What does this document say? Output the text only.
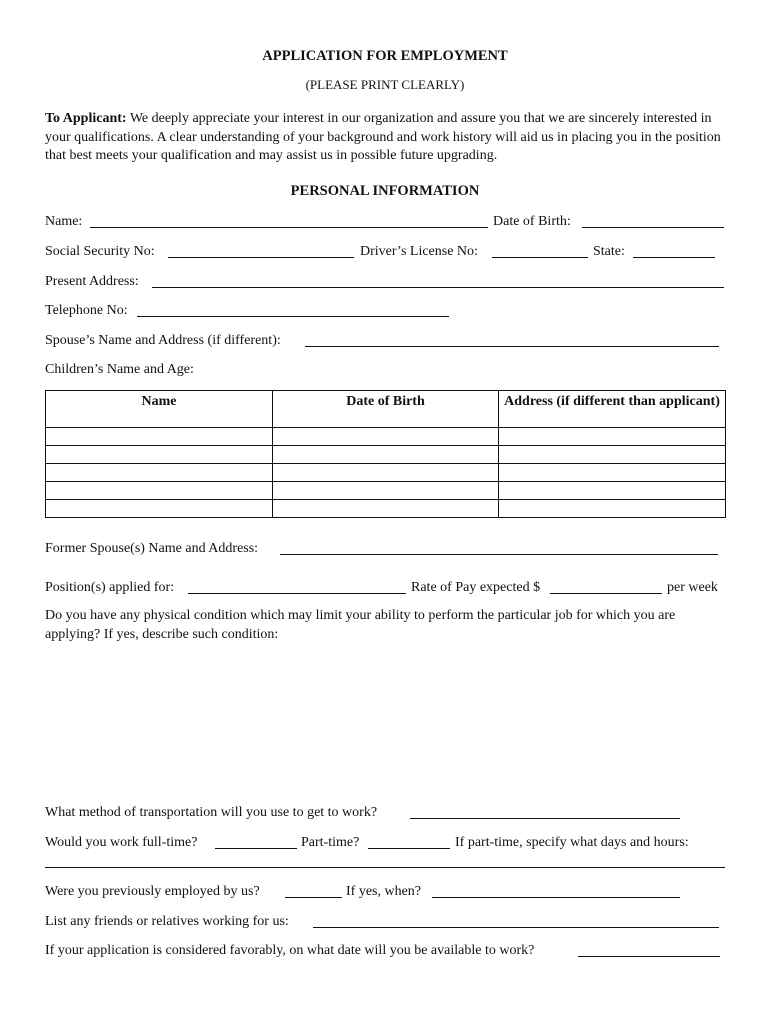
APPLICATION FOR EMPLOYMENT
(PLEASE PRINT CLEARLY)
To Applicant: We deeply appreciate your interest in our organization and assure you that we are sincerely interested in your qualifications. A clear understanding of your background and work history will aid us in placing you in the position that best meets your qualification and may assist us in possible future upgrading.
PERSONAL INFORMATION
Name:	Date of Birth:
Social Security No:	Driver’s License No:	State:
Present Address:
Telephone No:
Spouse’s Name and Address (if different):
Children’s Name and Age:
Name	Date of Birth	Address (if different than applicant)

Former Spouse(s) Name and Address:
Position(s) applied for:	Rate of Pay expected $	per week
Do you have any physical condition which may limit your ability to perform the particular job for which you are applying? If yes, describe such condition:
What method of transportation will you use to get to work?
Would you work full-time?	Part-time?	If part-time, specify what days and hours:
Were you previously employed by us?	If yes, when?
List any friends or relatives working for us:
If your application is considered favorably, on what date will you be available to work?
